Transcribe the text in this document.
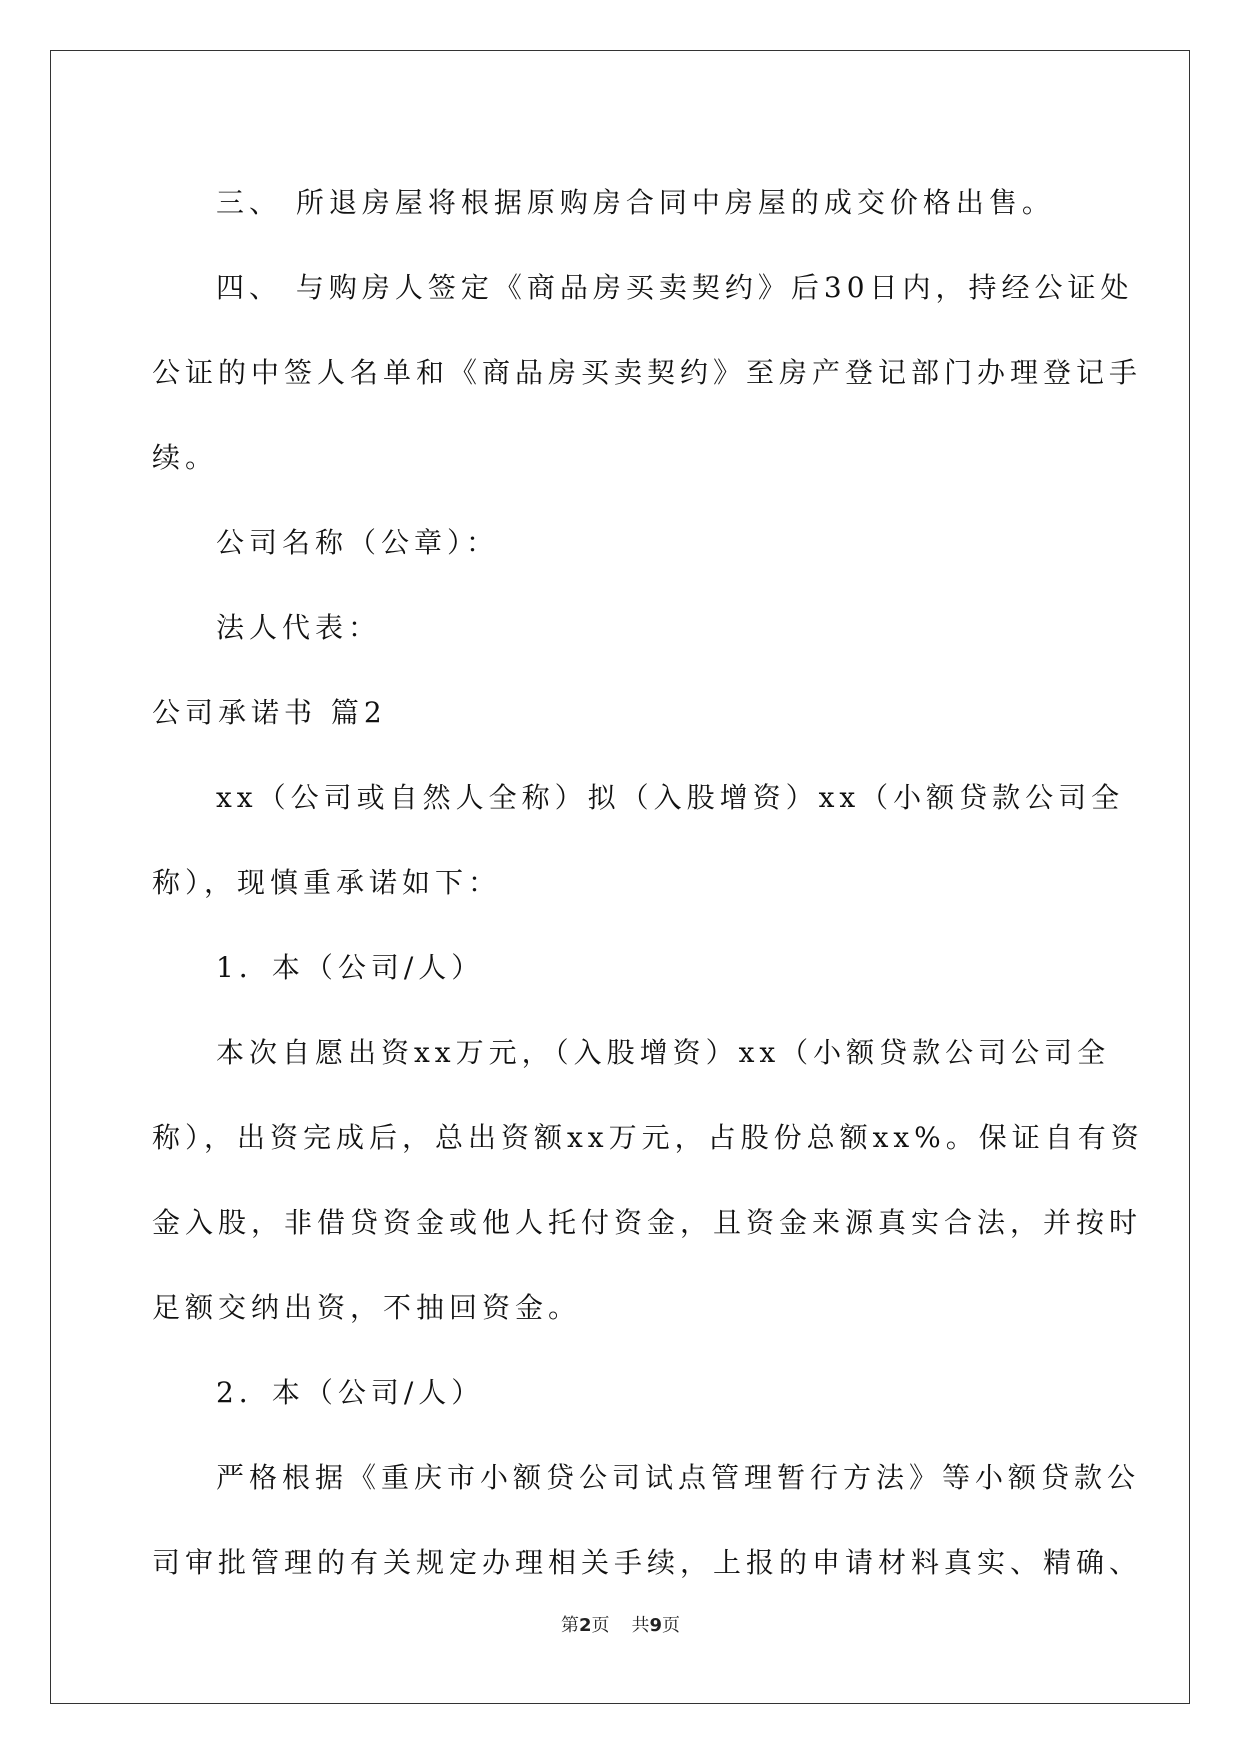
三、 所退房屋将根据原购房合同中房屋的成交价格出售。

四、 与购房人签定《商品房买卖契约》后30日内，持经公证处

公证的中签人名单和《商品房买卖契约》至房产登记部门办理登记手

续。

公司名称（公章）：

法人代表：

公司承诺书 篇2

xx（公司或自然人全称）拟（入股增资）xx（小额贷款公司全

称），现慎重承诺如下：

1．本（公司/人）

本次自愿出资xx万元，（入股增资）xx（小额贷款公司公司全

称），出资完成后，总出资额xx万元，占股份总额xx%。保证自有资

金入股，非借贷资金或他人托付资金，且资金来源真实合法，并按时

足额交纳出资，不抽回资金。

2．本（公司/人）

严格根据《重庆市小额贷公司试点管理暂行方法》等小额贷款公

司审批管理的有关规定办理相关手续，上报的申请材料真实、精确、

第2页 共9页
